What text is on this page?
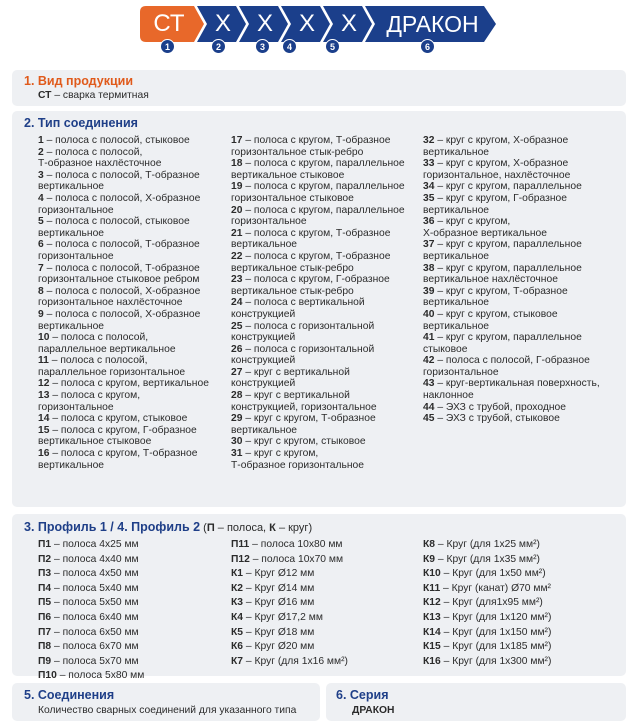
СТ	X	X	X	X	ДРАКОН
1	2	3	4	5	6
1. Вид продукции
СТ – сварка термитная
2. Тип соединения
1 – полоса с полосой, стыковое
2 – полоса с полосой,
Т-образное нахлёсточное
3 – полоса с полосой, Т-образное
вертикальное
4 – полоса с полосой, Х-образное
горизонтальное
5 – полоса с полосой, стыковое
вертикальное
6 – полоса с полосой, Т-образное
горизонтальное
7 – полоса с полосой, Т-образное
горизонтальное стыковое ребром
8 – полоса с полосой, Х-образное
горизонтальное нахлёсточное
9 – полоса с полосой, Х-образное
вертикальное
10 – полоса с полосой,
параллельное вертикальное
11 – полоса с полосой,
параллельное горизонтальное
12 – полоса с кругом, вертикальное
13 – полоса с кругом,
горизонтальное
14 – полоса с кругом, стыковое
15 – полоса с кругом, Г-образное
вертикальное стыковое
16 – полоса с кругом, Т-образное
вертикальное
17 – полоса с кругом, Т-образное
горизонтальное стык-ребро
18 – полоса с кругом, параллельное
вертикальное стыковое
19 – полоса с кругом, параллельное
горизонтальное стыковое
20 – полоса с кругом, параллельное
горизонтальное
21 – полоса с кругом, Т-образное
вертикальное
22 – полоса с кругом, Т-образное
вертикальное стык-ребро
23 – полоса с кругом, Г-образное
вертикальное стык-ребро
24 – полоса с вертикальной
конструкцией
25 – полоса с горизонтальной
конструкцией
26 – полоса с горизонтальной
конструкцией
27 – круг с вертикальной
конструкцией
28 – круг с вертикальной
конструкцией, горизонтальное
29 – круг с кругом, Т-образное
вертикальное
30 – круг с кругом, стыковое
31 – круг с кругом,
Т-образное горизонтальное
32 – круг с кругом, Х-образное
вертикальное
33 – круг с кругом, Х-образное
горизонтальное, нахлёсточное
34 – круг с кругом, параллельное
35 – круг с кругом, Г-образное
вертикальное
36 – круг с кругом,
Х-образное вертикальное
37 – круг с кругом, параллельное
вертикальное
38 – круг с кругом, параллельное
вертикальное нахлёсточное
39 – круг с кругом, Т-образное
вертикальное
40 – круг с кругом, стыковое
вертикальное
41 – круг с кругом, параллельное
стыковое
42 – полоса с полосой, Г-образное
горизонтальное
43 – круг-вертикальная поверхность,
наклонное
44 – ЭХЗ с трубой, проходное
45 – ЭХЗ с трубой, стыковое
3. Профиль 1 / 4. Профиль 2 (П – полоса, К – круг)
П1 – полоса 4х25 мм
П2 – полоса 4х40 мм
П3 – полоса 4х50 мм
П4 – полоса 5х40 мм
П5 – полоса 5х50 мм
П6 – полоса 6х40 мм
П7 – полоса 6х50 мм
П8 – полоса 6х70 мм
П9 – полоса 5х70 мм
П10 – полоса 5х80 мм
П11 – полоса 10х80 мм
П12 – полоса 10х70 мм
К1 – Круг Ø12 мм
К2 – Круг Ø14 мм
К3 – Круг Ø16 мм
К4 – Круг Ø17,2 мм
К5 – Круг Ø18 мм
К6 – Круг Ø20 мм
К7 – Круг (для 1х16 мм²)
К8 – Круг (для 1х25 мм²)
К9 – Круг (для 1х35 мм²)
К10 – Круг (для 1х50 мм²)
К11 – Круг (канат) Ø70 мм²
К12 – Круг (для1х95 мм²)
К13 – Круг (для 1х120 мм²)
К14 – Круг (для 1х150 мм²)
К15 – Круг (для 1х185 мм²)
К16 – Круг (для 1х300 мм²)
5. Соединения
Количество сварных соединений для указанного типа
6. Серия
ДРАКОН
